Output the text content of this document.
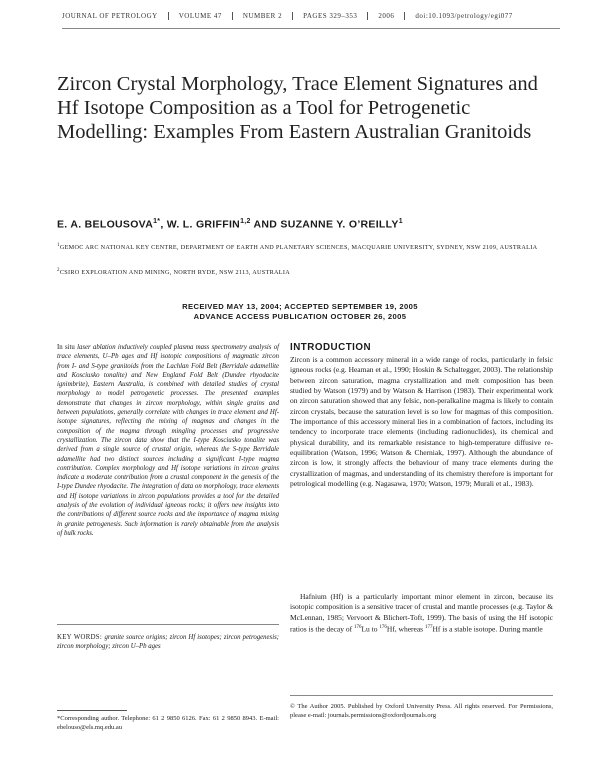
JOURNAL OF PETROLOGY	VOLUME 47	NUMBER 2	PAGES 329–353	2006	doi:10.1093/petrology/egi077
Zircon Crystal Morphology, Trace Element Signatures and Hf Isotope Composition as a Tool for Petrogenetic Modelling: Examples From Eastern Australian Granitoids

E. A. $BELOUSOVA^{1*}$, W. L. GRIFFIN$^{1,2}$ AND SUZANNE Y. O’REILLY$^1$

$^1$GEMOC ARC NATIONAL KEY CENTRE, DEPARTMENT OF EARTH AND PLANETARY SCIENCES, MACQUARIE UNIVERSITY, SYDNEY, NSW 2109, AUSTRALIA

$^2$CSIRO EXPLORATION AND MINING, NORTH RYDE, NSW 2113, AUSTRALIA

RECEIVED MAY 13, 2004; ACCEPTED SEPTEMBER 19, 2005
ADVANCE ACCESS PUBLICATION OCTOBER 26, 2005

In situ laser ablation inductively coupled plasma mass spectrometry analysis of trace elements, U–Pb ages and Hf isotopic compositions of magmatic zircon from I- and S-type granitoids from the Lachlan Fold Belt (Berridale adamellite and Kosciusko tonalite) and New England Fold Belt (Dundee rhyodacite ignimbrite), Eastern Australia, is combined with detailed studies of crystal morphology to model petrogenetic processes. The presented examples demonstrate that changes in zircon morphology, within single grains and between populations, generally correlate with changes in trace element and Hf-isotope signatures, reflecting the mixing of magmas and changes in the composition of the magma through mingling processes and progressive crystallization. The zircon data show that the I-type Kosciusko tonalite was derived from a single source of crustal origin, whereas the S-type Berridale adamellite had two distinct sources including a significant I-type magma contribution. Complex morphology and Hf isotope variations in zircon grains indicate a moderate contribution from a crustal component in the genesis of the I-type Dundee rhyodacite. The integration of data on morphology, trace elements and Hf isotope variations in zircon populations provides a tool for the detailed analysis of the evolution of individual igneous rocks; it offers new insights into the contributions of different source rocks and the importance of magma mixing in granite petrogenesis. Such information is rarely obtainable from the analysis of bulk rocks.

KEY WORDS: granite source origins; zircon Hf isotopes; zircon petrogenesis; zircon morphology; zircon U–Pb ages

*Corresponding author. Telephone: 61 2 9850 6126. Fax: 61 2 9850 8943. E-mail: ebelouso@els.mq.edu.au

INTRODUCTION

Zircon is a common accessory mineral in a wide range of rocks, particularly in felsic igneous rocks (e.g. Heaman et al., 1990; Hoskin & Schaltegger, 2003). The relationship between zircon saturation, magma crystallization and melt composition has been studied by Watson (1979) and by Watson & Harrison (1983). Their experimental work on zircon saturation showed that any felsic, non-peralkaline magma is likely to contain zircon crystals, because the saturation level is so low for magmas of this composition. The importance of this accessory mineral lies in a combination of factors, including its tendency to incorporate trace elements (including radionuclides), its chemical and physical durability, and its remarkable resistance to high-temperature diffusive re-equilibration (Watson, 1996; Watson & Cherniak, 1997). Although the abundance of zircon is low, it strongly affects the behaviour of many trace elements during the crystallization of magmas, and understanding of its chemistry therefore is important for petrological modelling (e.g. Nagasawa, 1970; Watson, 1979; Murali et al., 1983).

Hafnium (Hf) is a particularly important minor element in zircon, because its isotopic composition is a sensitive tracer of crustal and mantle processes (e.g. Taylor & McLennan, 1985; Vervoort & Blichert-Toft, 1999). The basis of using the Hf isotopic ratios is the decay of $^{176}$Lu to $^{176}$Hf, whereas $^{177}$Hf is a stable isotope. During mantle

© The Author 2005. Published by Oxford University Press. All rights reserved. For Permissions, please e-mail: journals.permissions@oxfordjournals.org
